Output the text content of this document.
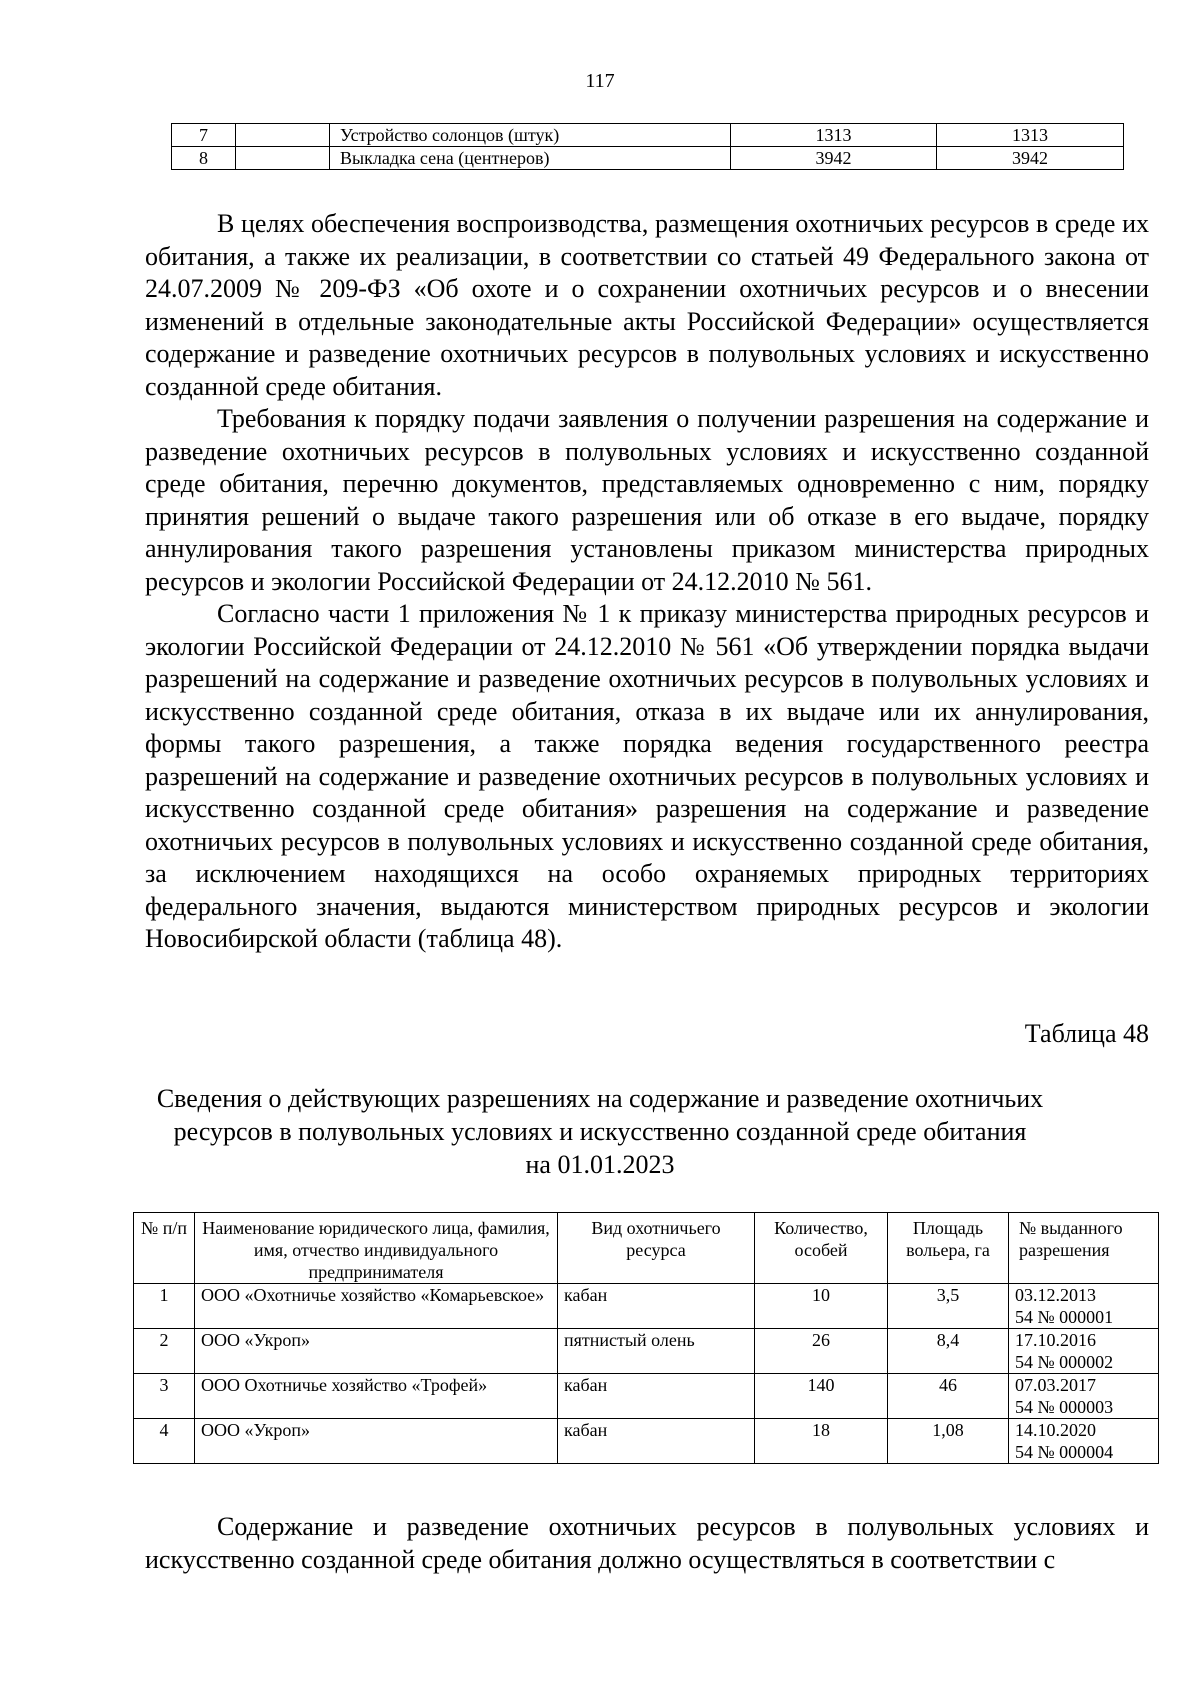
117
7		Устройство солонцов (штук)	1313	1313
8		Выкладка сена (центнеров)	3942	3942

В целях обеспечения воспроизводства, размещения охотничьих ресурсов в среде их обитания, а также их реализации, в соответствии со статьей 49 Федерального закона от 24.07.2009 № 209-ФЗ «Об охоте и о сохранении охотничьих ресурсов и о внесении изменений в отдельные законодательные акты Российской Федерации» осуществляется содержание и разведение охотничьих ресурсов в полувольных условиях и искусственно созданной среде обитания.

Требования к порядку подачи заявления о получении разрешения на содержание и разведение охотничьих ресурсов в полувольных условиях и искусственно созданной среде обитания, перечню документов, представляемых одновременно с ним, порядку принятия решений о выдаче такого разрешения или об отказе в его выдаче, порядку аннулирования такого разрешения установлены приказом министерства природных ресурсов и экологии Российской Федерации от 24.12.2010 № 561.

Согласно части 1 приложения № 1 к приказу министерства природных ресурсов и экологии Российской Федерации от 24.12.2010 № 561 «Об утверждении порядка выдачи разрешений на содержание и разведение охотничьих ресурсов в полувольных условиях и искусственно созданной среде обитания, отказа в их выдаче или их аннулирования, формы такого разрешения, а также порядка ведения государственного реестра разрешений на содержание и разведение охотничьих ресурсов в полувольных условиях и искусственно созданной среде обитания» разрешения на содержание и разведение охотничьих ресурсов в полувольных условиях и искусственно созданной среде обитания, за исключением находящихся на особо охраняемых природных территориях федерального значения, выдаются министерством природных ресурсов и экологии Новосибирской области (таблица 48).

Таблица 48
Сведения о действующих разрешениях на содержание и разведение охотничьих
ресурсов в полувольных условиях и искусственно созданной среде обитания
на 01.01.2023
№ п/п	Наименование юридического лица, фамилия, имя, отчество индивидуального предпринимателя	Вид охотничьего ресурса	Количество, особей	Площадь вольера, га	№ выданного разрешения
1	ООО «Охотничье хозяйство «Комарьевское»	кабан	10	3,5	03.12.2013
54 № 000001

2	ООО «Укроп»	пятнистый олень	26	8,4	17.10.2016
54 № 000002

3	ООО Охотничье хозяйство «Трофей»	кабан	140	46	07.03.2017
54 № 000003

4	ООО «Укроп»	кабан	18	1,08	14.10.2020
54 № 000004

Содержание и разведение охотничьих ресурсов в полувольных условиях и искусственно созданной среде обитания должно осуществляться в соответствии с
